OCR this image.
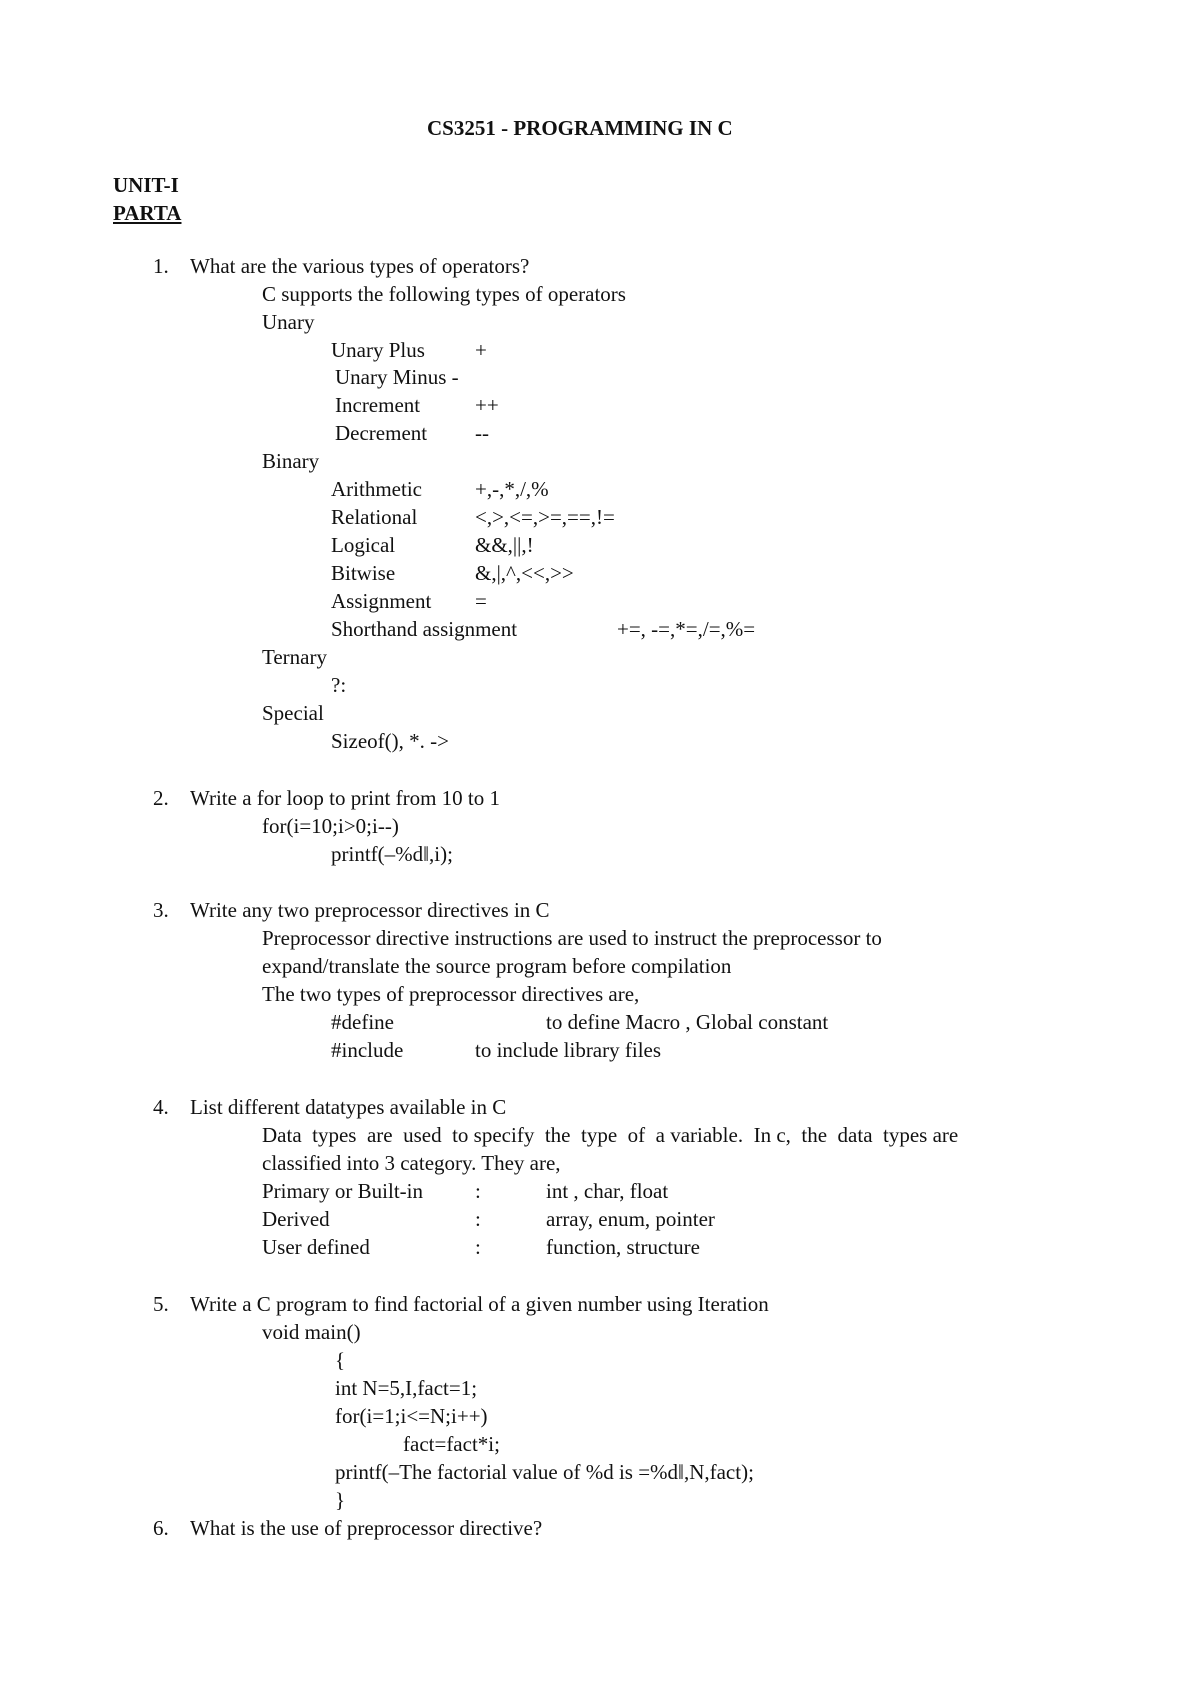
CS3251 - PROGRAMMING IN C
UNIT-I
PARTA
1. What are the various types of operators?
C supports the following types of operators
Unary
Unary Plus +
Unary Minus -
Increment	++
Decrement --
Binary
Arithmetic	+,-,*,/,%
Relational	<,>,<=,>=,==,!=
Logical	&&,||,!
Bitwise	&,|,^,<<,>>
Assignment =
Shorthand assignment	+=, -=,*=,/=,%=
Ternary
?:
Special
Sizeof(), *. ->
2. Write a for loop to print from 10 to 1
for(i=10;i>0;i--)
printf(–%d‖,i);
3. Write any two preprocessor directives in C
Preprocessor directive instructions are used to instruct the preprocessor to
expand/translate the source program before compilation
The two types of preprocessor directives are,
#define	to define Macro , Global constant
#include	to include library files
4. List different datatypes available in C
Data  types  are  used  to specify  the  type  of  a variable.  In c,  the  data  types are
classified into 3 category. They are,
Primary or Built-in :	int , char, float
Derived	:	array, enum, pointer
User defined	:	function, structure
5. Write a C program to find factorial of a given number using Iteration
void main()
{
int N=5,I,fact=1;
for(i=1;i<=N;i++)
fact=fact*i;
printf(–The factorial value of %d is =%d‖,N,fact);
}
6. What is the use of preprocessor directive?
